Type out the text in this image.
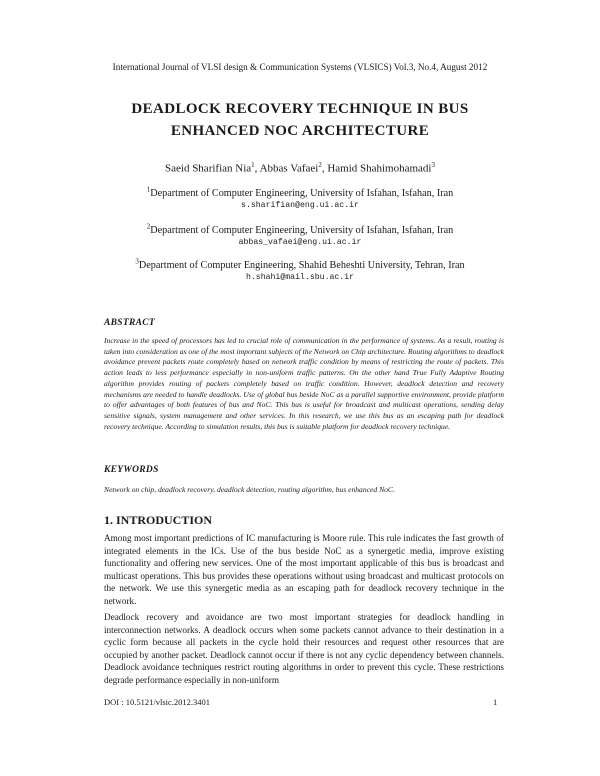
International Journal of VLSI design & Communication Systems (VLSICS) Vol.3, No.4, August 2012
DEADLOCK RECOVERY TECHNIQUE IN BUS
ENHANCED NOC ARCHITECTURE
Saeid Sharifian Nia$^1$, Abbas Vafaei$^2$, Hamid Shahimohamadi$^3$
$^1$Department of Computer Engineering, University of Isfahan, Isfahan, Iran
s.sharifian@eng.ui.ac.ir
$^2$Department of Computer Engineering, University of Isfahan, Isfahan, Iran
abbas_vafaei@eng.ui.ac.ir
$^3$Department of Computer Engineering, Shahid Beheshti University, Tehran, Iran
h.shahi@mail.sbu.ac.ir
ABSTRACT
Increase in the speed of processors has led to crucial role of communication in the performance of systems. As a result, routing is taken into consideration as one of the most important subjects of the Network on Chip architecture. Routing algorithms to deadlock avoidance prevent packets route completely based on network traffic condition by means of restricting the route of packets. This action leads to less performance especially in non-uniform traffic patterns. On the other hand True Fully Adaptive Routing algorithm provides routing of packets completely based on traffic condition. However, deadlock detection and recovery mechanisms are needed to handle deadlocks. Use of global bus beside NoC as a parallel supportive environment, provide platform to offer advantages of both features of bus and NoC. This bus is useful for broadcast and multicast operations, sending delay sensitive signals, system management and other services. In this research, we use this bus as an escaping path for deadlock recovery technique. According to simulation results, this bus is suitable platform for deadlock recovery technique.
KEYWORDS
Network on chip, deadlock recovery, deadlock detection, routing algorithm, bus enhanced NoC.
1. INTRODUCTION
Among most important predictions of IC manufacturing is Moore rule. This rule indicates the fast growth of integrated elements in the ICs. Use of the bus beside NoC as a synergetic media, improve existing functionality and offering new services. One of the most important applicable of this bus is broadcast and multicast operations. This bus provides these operations without using broadcast and multicast protocols on the network. We use this synergetic media as an escaping path for deadlock recovery technique in the network.
Deadlock recovery and avoidance are two most important strategies for deadlock handling in interconnection networks. A deadlock occurs when some packets cannot advance to their destination in a cyclic form because all packets in the cycle hold their resources and request other resources that are occupied by another packet. Deadlock cannot occur if there is not any cyclic dependency between channels. Deadlock avoidance techniques restrict routing algorithms in order to prevent this cycle. These restrictions degrade performance especially in non-uniform
DOI : 10.5121/vlsic.2012.3401	1
